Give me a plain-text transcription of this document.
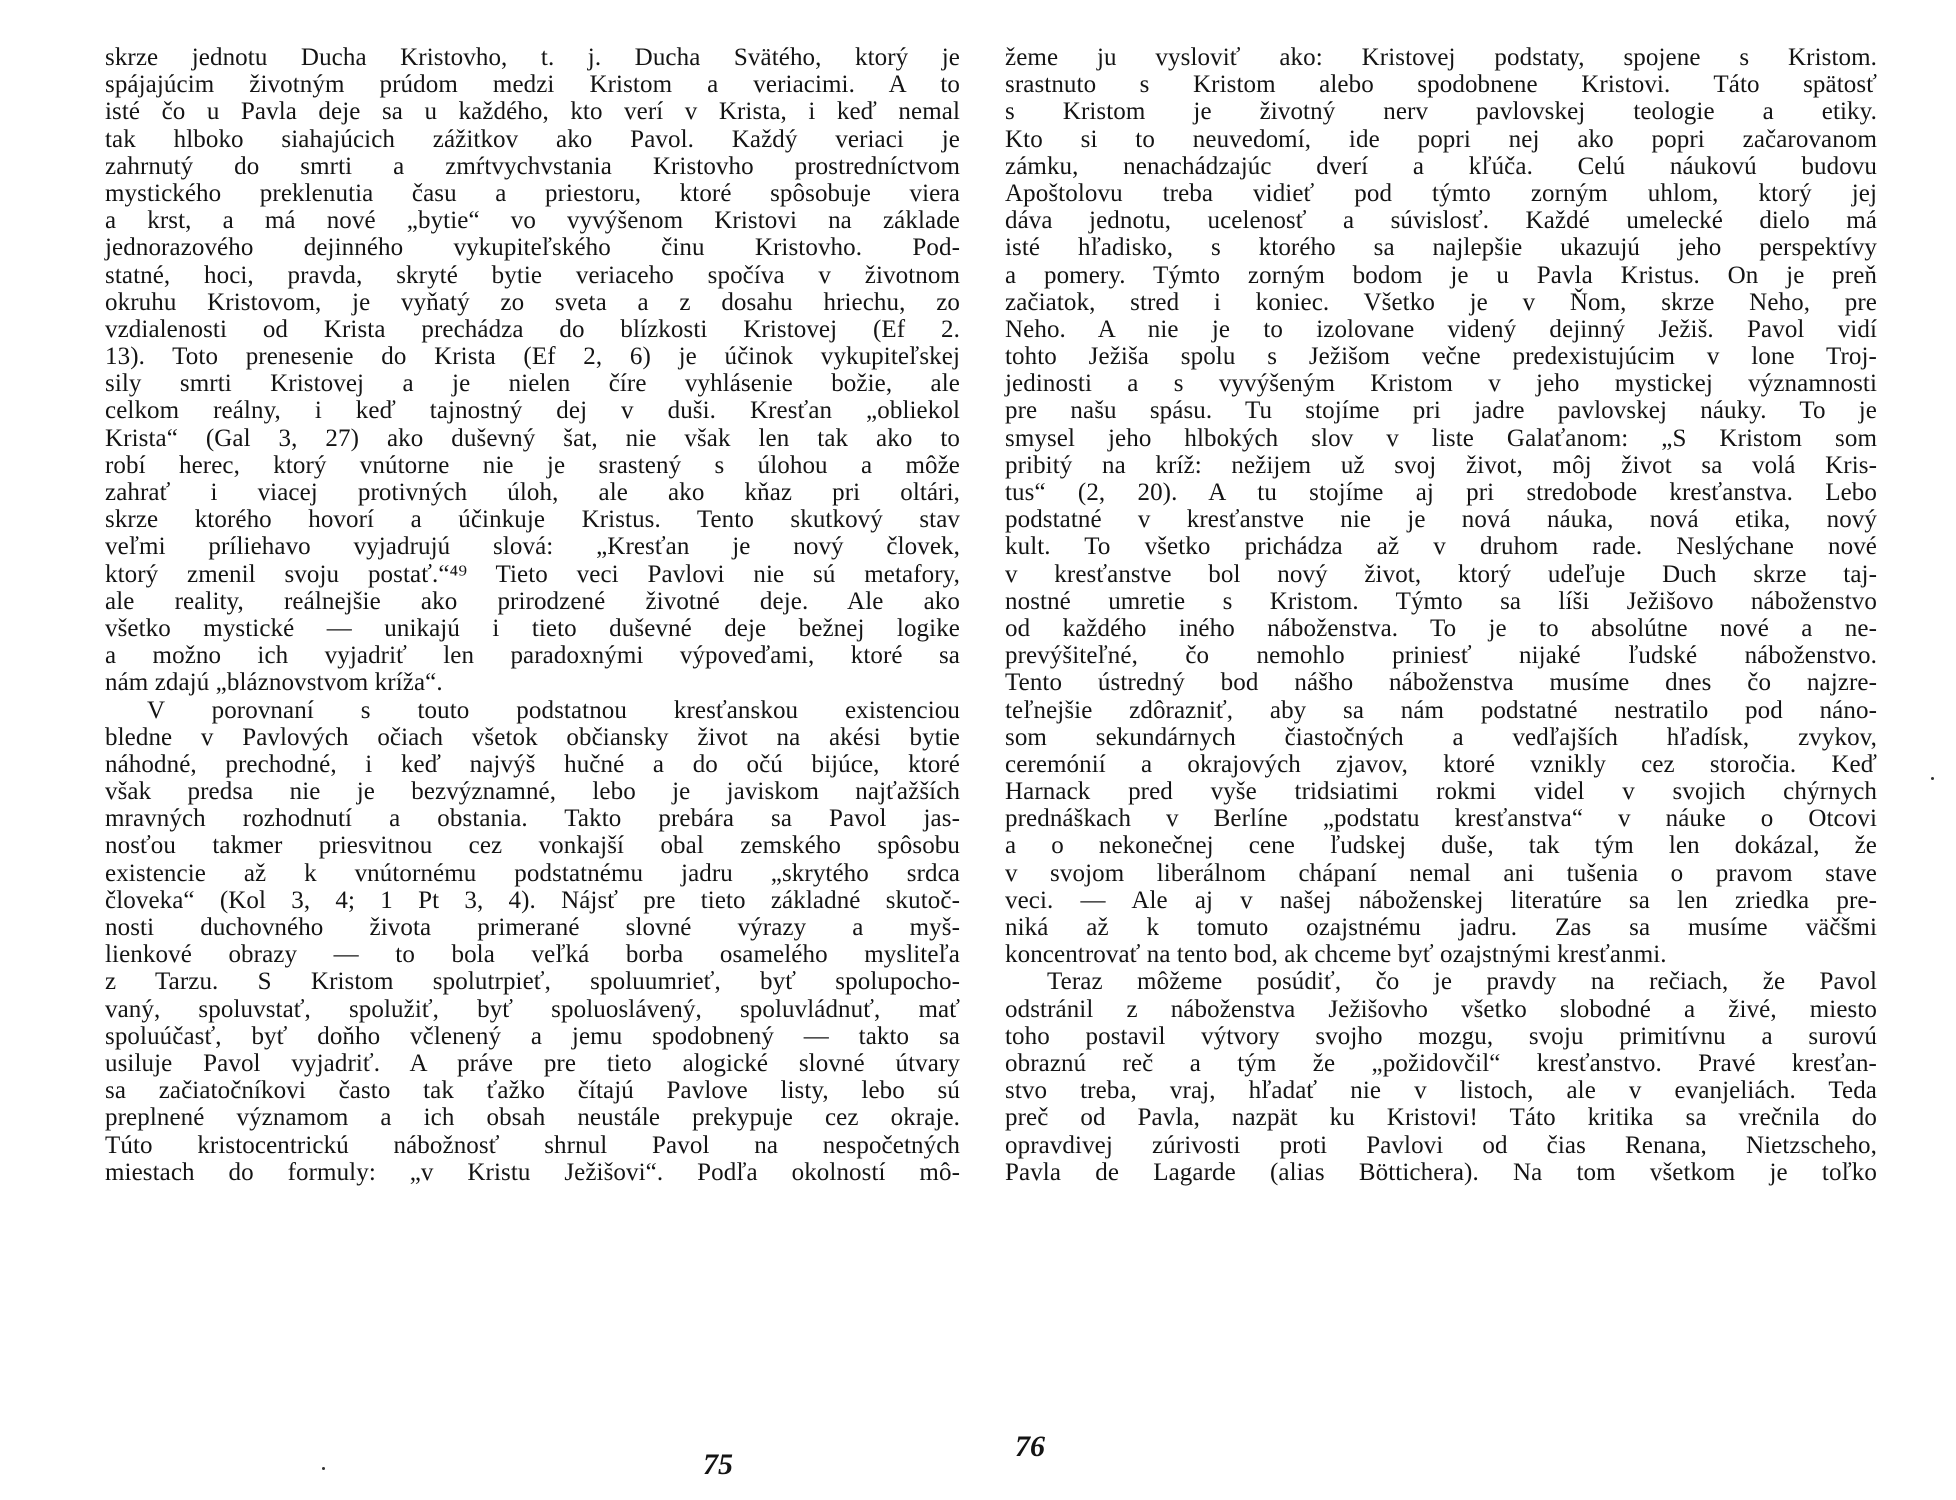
skrze jednotu Ducha Kristovho, t. j. Ducha Svätého, ktorý je
spájajúcim životným prúdom medzi Kristom a veriacimi. A to
isté čo u Pavla deje sa u každého, kto verí v Krista, i keď nemal
tak hlboko siahajúcich zážitkov ako Pavol. Každý veriaci je
zahrnutý do smrti a zmŕtvychvstania Kristovho prostredníctvom
mystického preklenutia času a priestoru, ktoré spôsobuje viera
a krst, a má nové „bytie“ vo vyvýšenom Kristovi na základe
jednorazového dejinného vykupiteľského činu Kristovho. Pod-
statné, hoci, pravda, skryté bytie veriaceho spočíva v životnom
okruhu Kristovom, je vyňatý zo sveta a z dosahu hriechu, zo
vzdialenosti od Krista prechádza do blízkosti Kristovej (Ef 2.
13). Toto prenesenie do Krista (Ef 2, 6) je účinok vykupiteľskej
sily smrti Kristovej a je nielen číre vyhlásenie božie, ale
celkom reálny, i keď tajnostný dej v duši. Kresťan „obliekol
Krista“ (Gal 3, 27) ako duševný šat, nie však len tak ako to
robí herec, ktorý vnútorne nie je srastený s úlohou a môže
zahrať i viacej protivných úloh, ale ako kňaz pri oltári,
skrze ktorého hovorí a účinkuje Kristus. Tento skutkový stav
veľmi príliehavo vyjadrujú slová: „Kresťan je nový človek,
ktorý zmenil svoju postať.“⁴⁹ Tieto veci Pavlovi nie sú metafory,
ale reality, reálnejšie ako prirodzené životné deje. Ale ako
všetko mystické — unikajú i tieto duševné deje bežnej logike
a možno ich vyjadriť len paradoxnými výpoveďami, ktoré sa
nám zdajú „bláznovstvom kríža“.
V porovnaní s touto podstatnou kresťanskou existenciou
bledne v Pavlových očiach všetok občiansky život na akési bytie
náhodné, prechodné, i keď najvýš hučné a do očú bijúce, ktoré
však predsa nie je bezvýznamné, lebo je javiskom najťažších
mravných rozhodnutí a obstania. Takto prebára sa Pavol jas-
nosťou takmer priesvitnou cez vonkajší obal zemského spôsobu
existencie až k vnútornému podstatnému jadru „skrytého srdca
človeka“ (Kol 3, 4; 1 Pt 3, 4). Nájsť pre tieto základné skutoč-
nosti duchovného života primerané slovné výrazy a myš-
lienkové obrazy — to bola veľká borba osamelého mysliteľa
z Tarzu. S Kristom spolutrpieť, spoluumrieť, byť spolupocho-
vaný, spoluvstať, spolužiť, byť spoluoslávený, spoluvládnuť, mať
spoluúčasť, byť doňho včlenený a jemu spodobnený — takto sa
usiluje Pavol vyjadriť. A práve pre tieto alogické slovné útvary
sa začiatočníkovi často tak ťažko čítajú Pavlove listy, lebo sú
preplnené významom a ich obsah neustále prekypuje cez okraje.
Túto kristocentrickú nábožnosť shrnul Pavol na nespočetných
miestach do formuly: „v Kristu Ježišovi“. Podľa okolností mô-
žeme ju vysloviť ako: Kristovej podstaty, spojene s Kristom.
srastnuto s Kristom alebo spodobnene Kristovi. Táto spätosť
s Kristom je životný nerv pavlovskej teologie a etiky.
Kto si to neuvedomí, ide popri nej ako popri začarovanom
zámku, nenachádzajúc dverí a kľúča. Celú náukovú budovu
Apoštolovu treba vidieť pod týmto zorným uhlom, ktorý jej
dáva jednotu, ucelenosť a súvislosť. Každé umelecké dielo má
isté hľadisko, s ktorého sa najlepšie ukazujú jeho perspektívy
a pomery. Týmto zorným bodom je u Pavla Kristus. On je preň
začiatok, stred i koniec. Všetko je v Ňom, skrze Neho, pre
Neho. A nie je to izolovane videný dejinný Ježiš. Pavol vidí
tohto Ježiša spolu s Ježišom večne predexistujúcim v lone Troj-
jedinosti a s vyvýšeným Kristom v jeho mystickej významnosti
pre našu spásu. Tu stojíme pri jadre pavlovskej náuky. To je
smysel jeho hlbokých slov v liste Galaťanom: „S Kristom som
pribitý na kríž: nežijem už svoj život, môj život sa volá Kris-
tus“ (2, 20). A tu stojíme aj pri stredobode kresťanstva. Lebo
podstatné v kresťanstve nie je nová náuka, nová etika, nový
kult. To všetko prichádza až v druhom rade. Neslýchane nové
v kresťanstve bol nový život, ktorý udeľuje Duch skrze taj-
nostné umretie s Kristom. Týmto sa líši Ježišovo náboženstvo
od každého iného náboženstva. To je to absolútne nové a ne-
prevýšiteľné, čo nemohlo priniesť nijaké ľudské náboženstvo.
Tento ústredný bod nášho náboženstva musíme dnes čo najzre-
teľnejšie zdôrazniť, aby sa nám podstatné nestratilo pod náno-
som sekundárnych čiastočných a vedľajších hľadísk, zvykov,
ceremónií a okrajových zjavov, ktoré vznikly cez storočia. Keď
Harnack pred vyše tridsiatimi rokmi videl v svojich chýrnych
prednáškach v Berlíne „podstatu kresťanstva“ v náuke o Otcovi
a o nekonečnej cene ľudskej duše, tak tým len dokázal, že
v svojom liberálnom chápaní nemal ani tušenia o pravom stave
veci. — Ale aj v našej náboženskej literatúre sa len zriedka pre-
niká až k tomuto ozajstnému jadru. Zas sa musíme väčšmi
koncentrovať na tento bod, ak chceme byť ozajstnými kresťanmi.
Teraz môžeme posúdiť, čo je pravdy na rečiach, že Pavol
odstránil z náboženstva Ježišovho všetko slobodné a živé, miesto
toho postavil výtvory svojho mozgu, svoju primitívnu a surovú
obraznú reč a tým že „požidovčil“ kresťanstvo. Pravé kresťan-
stvo treba, vraj, hľadať nie v listoch, ale v evanjeliách. Teda
preč od Pavla, nazpät ku Kristovi! Táto kritika sa vrečnila do
opravdivej zúrivosti proti Pavlovi od čias Renana, Nietzscheho,
Pavla de Lagarde (alias Böttichera). Na tom všetkom je toľko
75
76
